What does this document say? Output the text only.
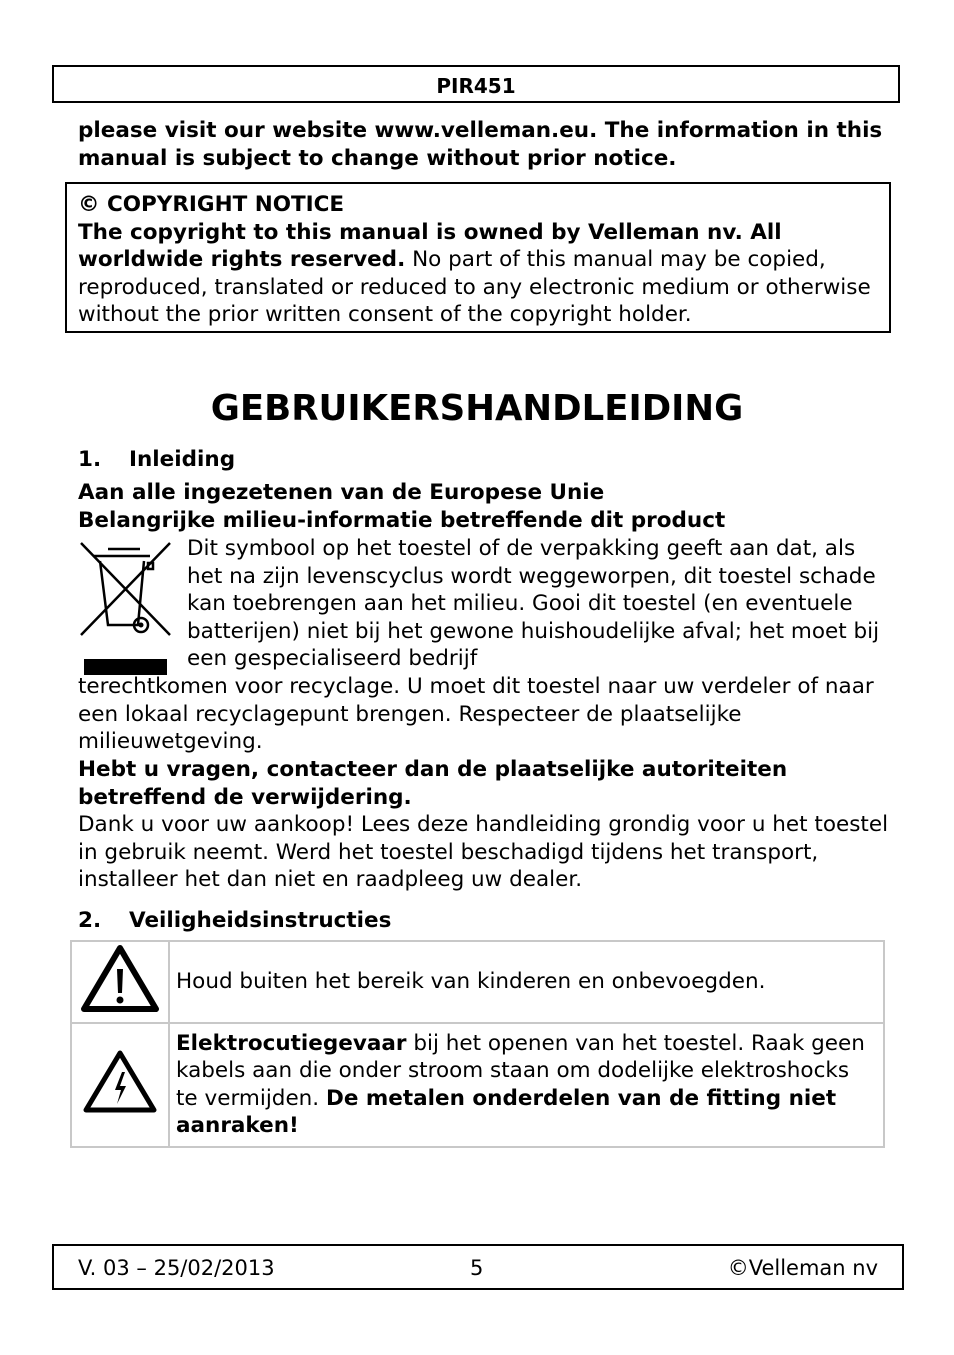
PIR451
please visit our website www.velleman.eu. The information in this manual is subject to change without prior notice.
© COPYRIGHT NOTICE
The copyright to this manual is owned by Velleman nv. All worldwide rights reserved. No part of this manual may be copied, reproduced, translated or reduced to any electronic medium or otherwise without the prior written consent of the copyright holder.
GEBRUIKERSHANDLEIDING
1. Inleiding
Aan alle ingezetenen van de Europese Unie
Belangrijke milieu-informatie betreffende dit product
Dit symbool op het toestel of de verpakking geeft aan dat, als het na zijn levenscyclus wordt weggeworpen, dit toestel schade kan toebrengen aan het milieu. Gooi dit toestel (en eventuele batterijen) niet bij het gewone huishoudelijke afval; het moet bij een gespecialiseerd bedrijf
terechtkomen voor recyclage. U moet dit toestel naar uw verdeler of naar een lokaal recyclagepunt brengen. Respecteer de plaatselijke milieuwetgeving.
Hebt u vragen, contacteer dan de plaatselijke autoriteiten betreffend de verwijdering.
Dank u voor uw aankoop! Lees deze handleiding grondig voor u het toestel in gebruik neemt. Werd het toestel beschadigd tijdens het transport, installeer het dan niet en raadpleeg uw dealer.
2. Veiligheidsinstructies
	Houd buiten het bereik van kinderen en onbevoegden.
	Elektrocutiegevaar bij het openen van het toestel. Raak geen kabels aan die onder stroom staan om dodelijke elektroshocks te vermijden. De metalen onderdelen van de fitting niet aanraken!
V. 03 – 25/02/2013	5	©Velleman nv
